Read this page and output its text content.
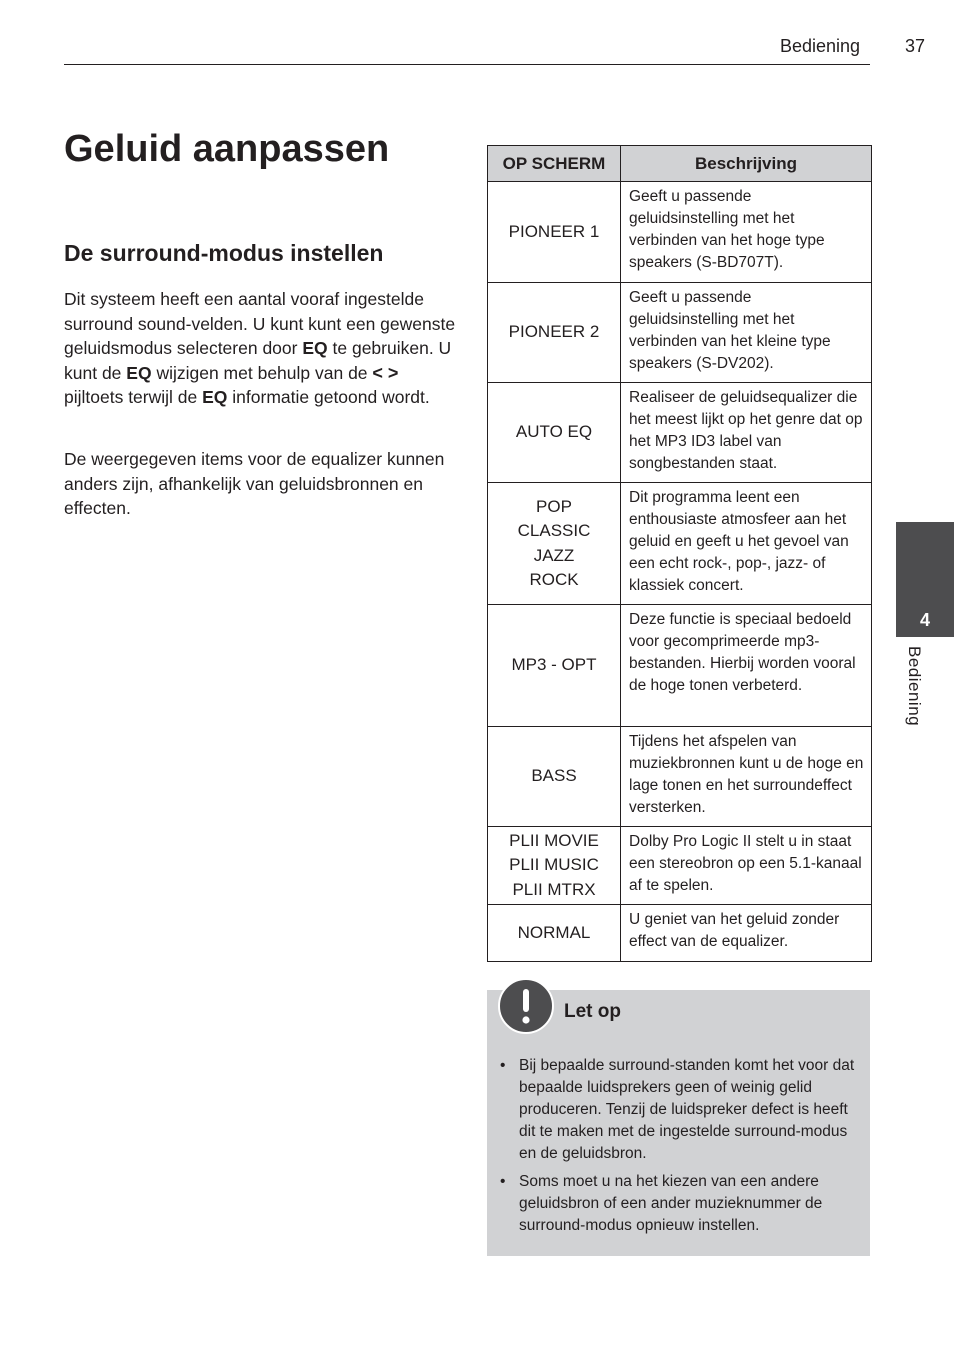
Bediening 37
Geluid aanpassen
De surround-modus instellen

Dit systeem heeft een aantal vooraf ingestelde surround sound-velden. U kunt kunt een gewenste geluidsmodus selecteren door EQ te gebruiken. U kunt de EQ wijzigen met behulp van de < > pijltoets terwijl de EQ informatie getoond wordt.

De weergegeven items voor de equalizer kunnen anders zijn, afhankelijk van geluidsbronnen en effecten.

OP SCHERM	Beschrijving

PIONEER 1	Geeft u passende geluidsinstelling met het verbinden van het hoge type speakers (S-BD707T).

PIONEER 2	Geeft u passende geluidsinstelling met het verbinden van het kleine type speakers (S-DV202).

AUTO EQ	Realiseer de geluidsequalizer die het meest lijkt op het genre dat op het MP3 ID3 label van songbestanden staat.

POP
CLASSIC
JAZZ
ROCK	Dit programma leent een enthousiaste atmosfeer aan het geluid en geeft u het gevoel van een echt rock-, pop-, jazz- of klassiek concert.

MP3 - OPT	Deze functie is speciaal bedoeld voor gecomprimeerde mp3-bestanden. Hierbij worden vooral de hoge tonen verbeterd.

BASS	Tijdens het afspelen van muziekbronnen kunt u de hoge en lage tonen en het surroundeffect versterken.

PLII MOVIE
PLII MUSIC
PLII MTRX	Dolby Pro Logic II stelt u in staat een stereobron op een 5.1-kanaal af te spelen.

NORMAL	U geniet van het geluid zonder effect van de equalizer.
4
Bediening
Let op
• Bij bepaalde surround-standen komt het voor dat bepaalde luidsprekers geen of weinig gelid produceren. Tenzij de luidspreker defect is heeft dit te maken met de ingestelde surround-modus en de geluidsbron.
• Soms moet u na het kiezen van een andere geluidsbron of een ander muzieknummer de surround-modus opnieuw instellen.
